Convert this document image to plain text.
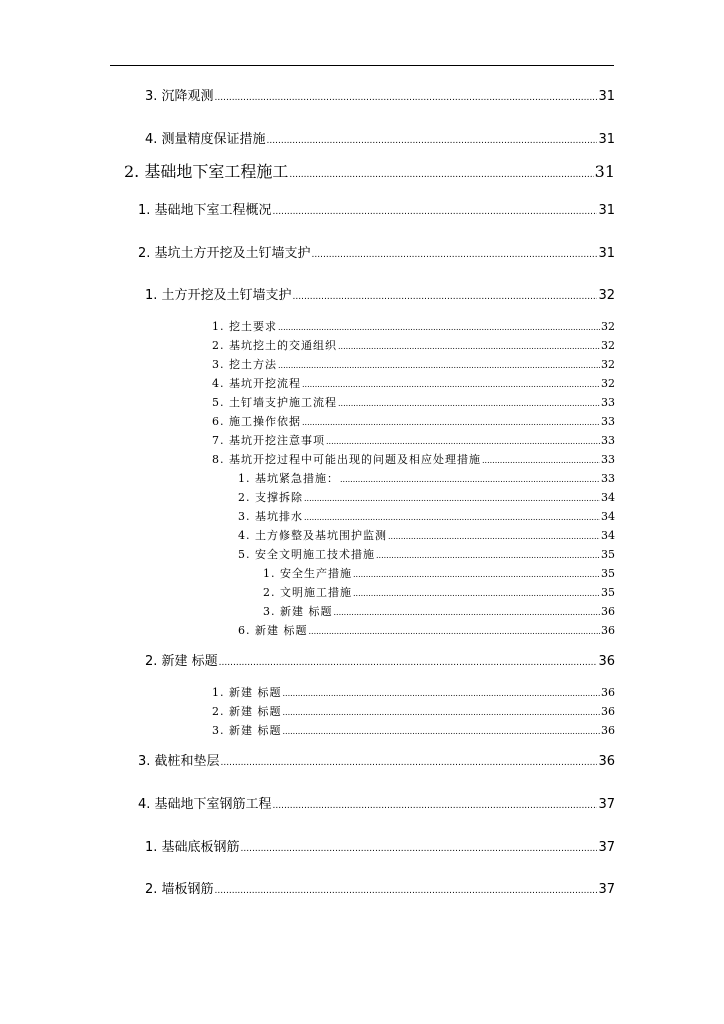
3. 沉降观测 .....	31
4. 测量精度保证措施 .....	31
2. 基础地下室工程施工 .....	31
1. 基础地下室工程概况 .....	31
2. 基坑土方开挖及土钉墙支护 .....	31
1. 土方开挖及土钉墙支护 .....	32
1. 挖土要求 .....	32
2. 基坑挖土的交通组织 .....	32
3. 挖土方法 .....	32
4. 基坑开挖流程 .....	32
5. 土钉墙支护施工流程 .....	33
6. 施工操作依据 .....	33
7. 基坑开挖注意事项 .....	33
8. 基坑开挖过程中可能出现的问题及相应处理措施 .....	33
1. 基坑紧急措施： .....	33
2. 支撑拆除 .....	34
3. 基坑排水 .....	34
4. 土方修整及基坑围护监测 .....	34
5. 安全文明施工技术措施 .....	35
1. 安全生产措施 .....	35
2. 文明施工措施 .....	35
3. 新建 标题 .....	36
6. 新建 标题 .....	36
2. 新建 标题 .....	36
1. 新建 标题 .....	36
2. 新建 标题 .....	36
3. 新建 标题 .....	36
3. 截桩和垫层 .....	36
4. 基础地下室钢筋工程 .....	37
1. 基础底板钢筋 .....	37
2. 墙板钢筋 .....	37
